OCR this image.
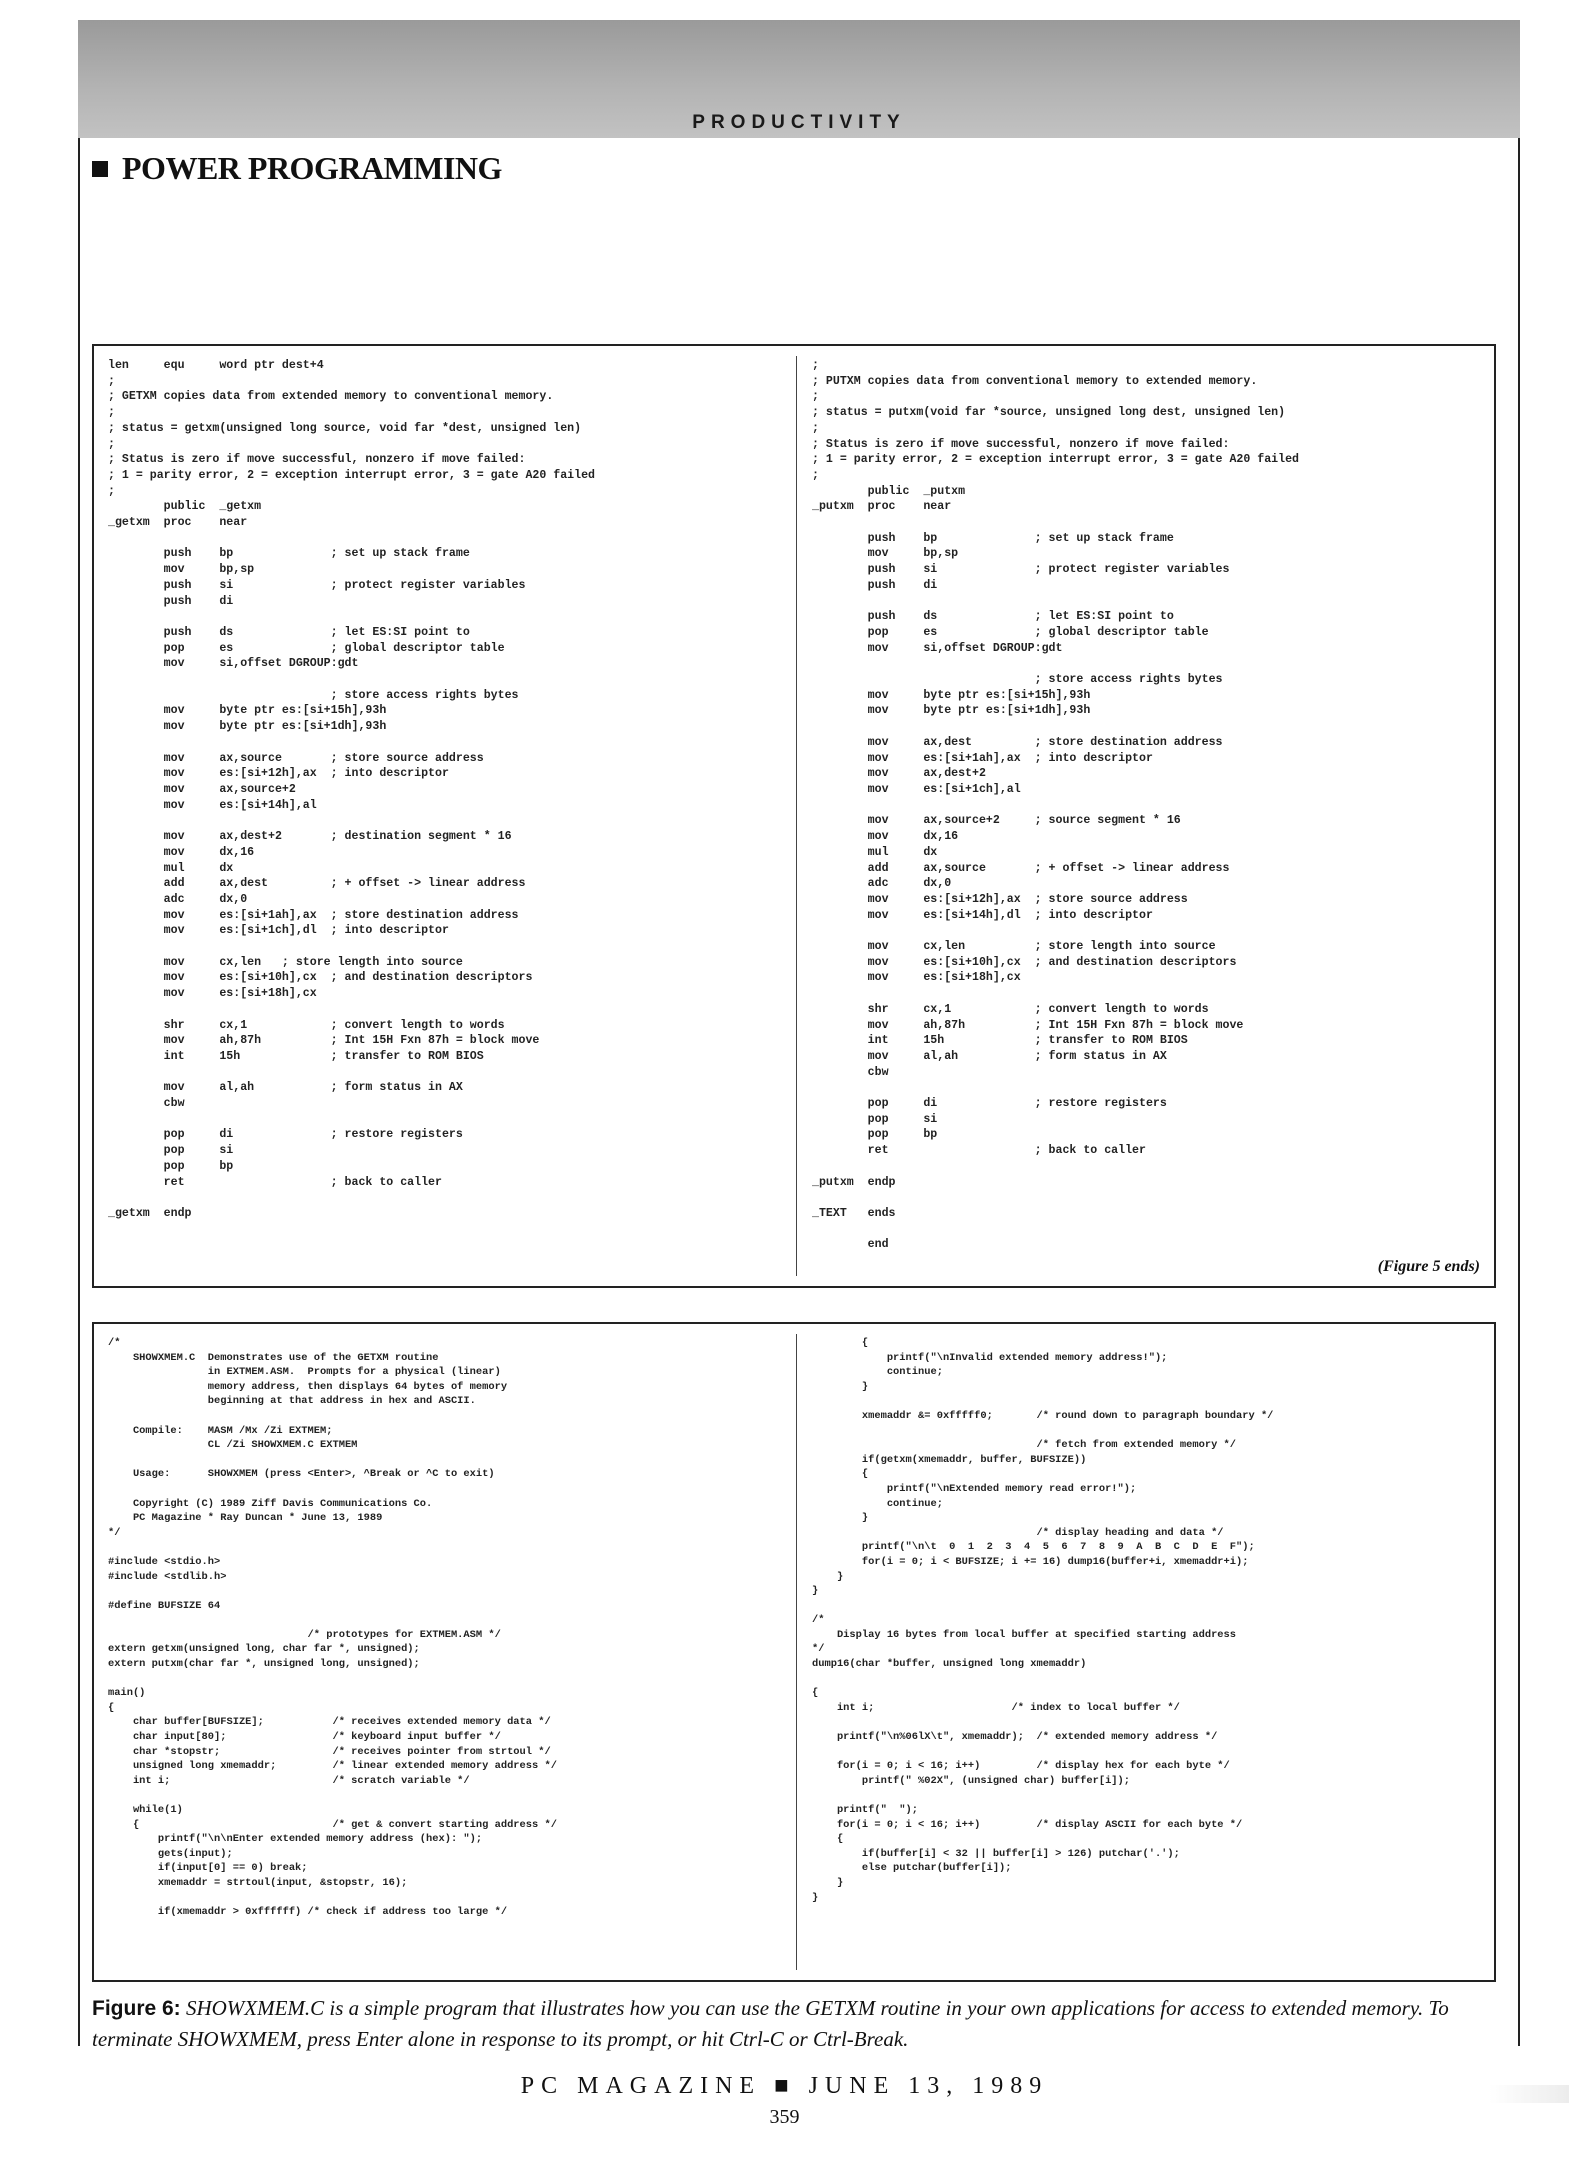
PRODUCTIVITY
POWER PROGRAMMING
len     equ     word ptr dest+4
;
; GETXM copies data from extended memory to conventional memory.
;
; status = getxm(unsigned long source, void far *dest, unsigned len)
;
; Status is zero if move successful, nonzero if move failed:
; 1 = parity error, 2 = exception interrupt error, 3 = gate A20 failed
;
public  _getxm
_getxm  proc    near

push    bp              ; set up stack frame
mov     bp,sp
push    si              ; protect register variables
push    di

push    ds              ; let ES:SI point to
pop     es              ; global descriptor table
mov     si,offset DGROUP:gdt

; store access rights bytes
mov     byte ptr es:[si+15h],93h
mov     byte ptr es:[si+1dh],93h

mov     ax,source       ; store source address
mov     es:[si+12h],ax  ; into descriptor
mov     ax,source+2
mov     es:[si+14h],al

mov     ax,dest+2       ; destination segment * 16
mov     dx,16
mul     dx
add     ax,dest         ; + offset -> linear address
adc     dx,0
mov     es:[si+1ah],ax  ; store destination address
mov     es:[si+1ch],dl  ; into descriptor

mov     cx,len   ; store length into source
mov     es:[si+10h],cx  ; and destination descriptors
mov     es:[si+18h],cx

shr     cx,1            ; convert length to words
mov     ah,87h          ; Int 15H Fxn 87h = block move
int     15h             ; transfer to ROM BIOS

mov     al,ah           ; form status in AX
cbw

pop     di              ; restore registers
pop     si
pop     bp
ret                     ; back to caller

_getxm  endp
;
; PUTXM copies data from conventional memory to extended memory.
;
; status = putxm(void far *source, unsigned long dest, unsigned len)
;
; Status is zero if move successful, nonzero if move failed:
; 1 = parity error, 2 = exception interrupt error, 3 = gate A20 failed
;
public  _putxm
_putxm  proc    near

push    bp              ; set up stack frame
mov     bp,sp
push    si              ; protect register variables
push    di

push    ds              ; let ES:SI point to
pop     es              ; global descriptor table
mov     si,offset DGROUP:gdt

; store access rights bytes
mov     byte ptr es:[si+15h],93h
mov     byte ptr es:[si+1dh],93h

mov     ax,dest         ; store destination address
mov     es:[si+1ah],ax  ; into descriptor
mov     ax,dest+2
mov     es:[si+1ch],al

mov     ax,source+2     ; source segment * 16
mov     dx,16
mul     dx
add     ax,source       ; + offset -> linear address
adc     dx,0
mov     es:[si+12h],ax  ; store source address
mov     es:[si+14h],dl  ; into descriptor

mov     cx,len          ; store length into source
mov     es:[si+10h],cx  ; and destination descriptors
mov     es:[si+18h],cx

shr     cx,1            ; convert length to words
mov     ah,87h          ; Int 15H Fxn 87h = block move
int     15h             ; transfer to ROM BIOS
mov     al,ah           ; form status in AX
cbw

pop     di              ; restore registers
pop     si
pop     bp
ret                     ; back to caller

_putxm  endp

_TEXT   ends

end
(Figure 5 ends)
/*
SHOWXMEM.C  Demonstrates use of the GETXM routine
in EXTMEM.ASM.  Prompts for a physical (linear)
memory address, then displays 64 bytes of memory
beginning at that address in hex and ASCII.

Compile:    MASM /Mx /Zi EXTMEM;
CL /Zi SHOWXMEM.C EXTMEM

Usage:      SHOWXMEM (press <Enter>, ^Break or ^C to exit)

Copyright (C) 1989 Ziff Davis Communications Co.
PC Magazine * Ray Duncan * June 13, 1989
*/

#include <stdio.h>
#include <stdlib.h>

#define BUFSIZE 64

/* prototypes for EXTMEM.ASM */
extern getxm(unsigned long, char far *, unsigned);
extern putxm(char far *, unsigned long, unsigned);

main()
{
char buffer[BUFSIZE];           /* receives extended memory data */
char input[80];                 /* keyboard input buffer */
char *stopstr;                  /* receives pointer from strtoul */
unsigned long xmemaddr;         /* linear extended memory address */
int i;                          /* scratch variable */

while(1)
{                               /* get & convert starting address */
printf("\n\nEnter extended memory address (hex): ");
gets(input);
if(input[0] == 0) break;
xmemaddr = strtoul(input, &stopstr, 16);

if(xmemaddr > 0xffffff) /* check if address too large */
{
printf("\nInvalid extended memory address!");
continue;
}

xmemaddr &= 0xfffff0;       /* round down to paragraph boundary */

/* fetch from extended memory */
if(getxm(xmemaddr, buffer, BUFSIZE))
{
printf("\nExtended memory read error!");
continue;
}
/* display heading and data */
printf("\n\t  0  1  2  3  4  5  6  7  8  9  A  B  C  D  E  F");
for(i = 0; i < BUFSIZE; i += 16) dump16(buffer+i, xmemaddr+i);
}
}

/*
Display 16 bytes from local buffer at specified starting address
*/
dump16(char *buffer, unsigned long xmemaddr)

{
int i;                      /* index to local buffer */

printf("\n%06lX\t", xmemaddr);  /* extended memory address */

for(i = 0; i < 16; i++)         /* display hex for each byte */
printf(" %02X", (unsigned char) buffer[i]);

printf("  ");
for(i = 0; i < 16; i++)         /* display ASCII for each byte */
{
if(buffer[i] < 32 || buffer[i] > 126) putchar('.');
else putchar(buffer[i]);
}
}
Figure 6: SHOWXMEM.C is a simple program that illustrates how you can use the GETXM routine in your own applications for access to extended memory. To terminate SHOWXMEM, press Enter alone in response to its prompt, or hit Ctrl-C or Ctrl-Break.
PC MAGAZINE ■ JUNE 13, 1989
359
